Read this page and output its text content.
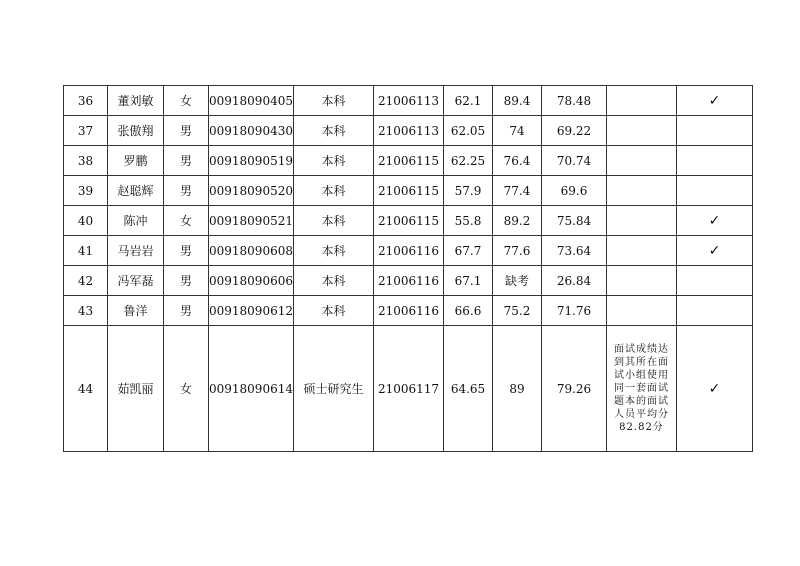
36	董刘敏	女	00918090405	本科	21006113	62.1	89.4	78.48		✓
37	张傲翔	男	00918090430	本科	21006113	62.05	74	69.22		
38	罗鹏	男	00918090519	本科	21006115	62.25	76.4	70.74		
39	赵聪辉	男	00918090520	本科	21006115	57.9	77.4	69.6		
40	陈冲	女	00918090521	本科	21006115	55.8	89.2	75.84		✓
41	马岩岩	男	00918090608	本科	21006116	67.7	77.6	73.64		✓
42	冯军磊	男	00918090606	本科	21006116	67.1	缺考	26.84		
43	鲁洋	男	00918090612	本科	21006116	66.6	75.2	71.76		
44	茹凯丽	女	00918090614	硕士研究生	21006117	64.65	89	79.26	面试成绩达到其所在面试小组使用同一套面试题本的面试人员平均分82.82分	✓
